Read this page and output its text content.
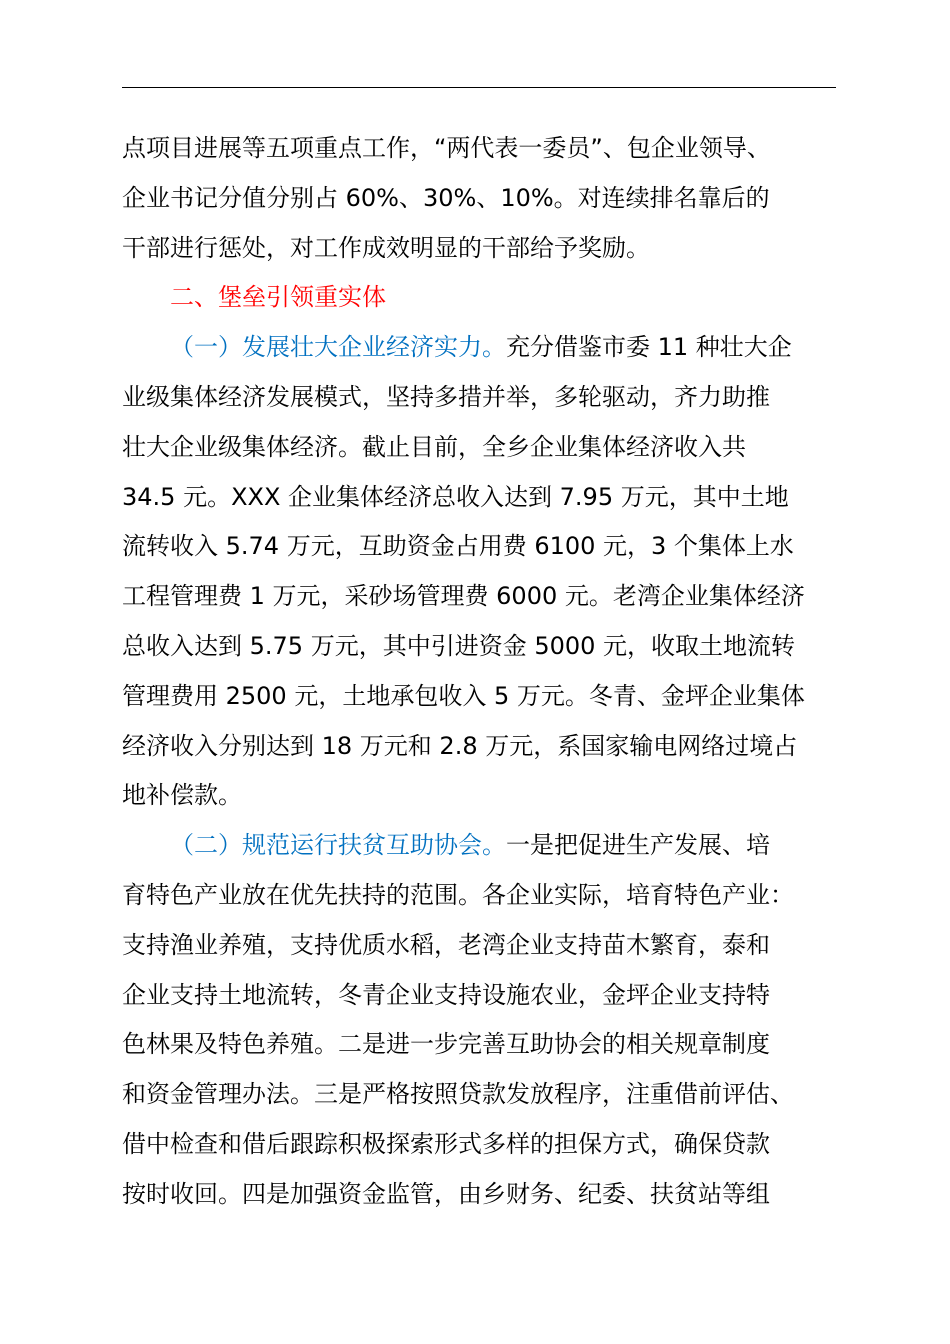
点项目进展等五项重点工作，“两代表一委员”、包企业领导、
企业书记分值分别占 60%、30%、10%。对连续排名靠后的
干部进行惩处，对工作成效明显的干部给予奖励。
二、堡垒引领重实体
（一）发展壮大企业经济实力。充分借鉴市委 11 种壮大企
业级集体经济发展模式，坚持多措并举，多轮驱动，齐力助推
壮大企业级集体经济。截止目前，全乡企业集体经济收入共
34.5 元。XXX 企业集体经济总收入达到 7.95 万元，其中土地
流转收入 5.74 万元，互助资金占用费 6100 元，3 个集体上水
工程管理费 1 万元，采砂场管理费 6000 元。老湾企业集体经济
总收入达到 5.75 万元，其中引进资金 5000 元，收取土地流转
管理费用 2500 元，土地承包收入 5 万元。冬青、金坪企业集体
经济收入分别达到 18 万元和 2.8 万元，系国家输电网络过境占
地补偿款。
（二）规范运行扶贫互助协会。一是把促进生产发展、培
育特色产业放在优先扶持的范围。各企业实际，培育特色产业：
支持渔业养殖，支持优质水稻，老湾企业支持苗木繁育，泰和
企业支持土地流转，冬青企业支持设施农业，金坪企业支持特
色林果及特色养殖。二是进一步完善互助协会的相关规章制度
和资金管理办法。三是严格按照贷款发放程序，注重借前评估、
借中检查和借后跟踪积极探索形式多样的担保方式，确保贷款
按时收回。四是加强资金监管，由乡财务、纪委、扶贫站等组
